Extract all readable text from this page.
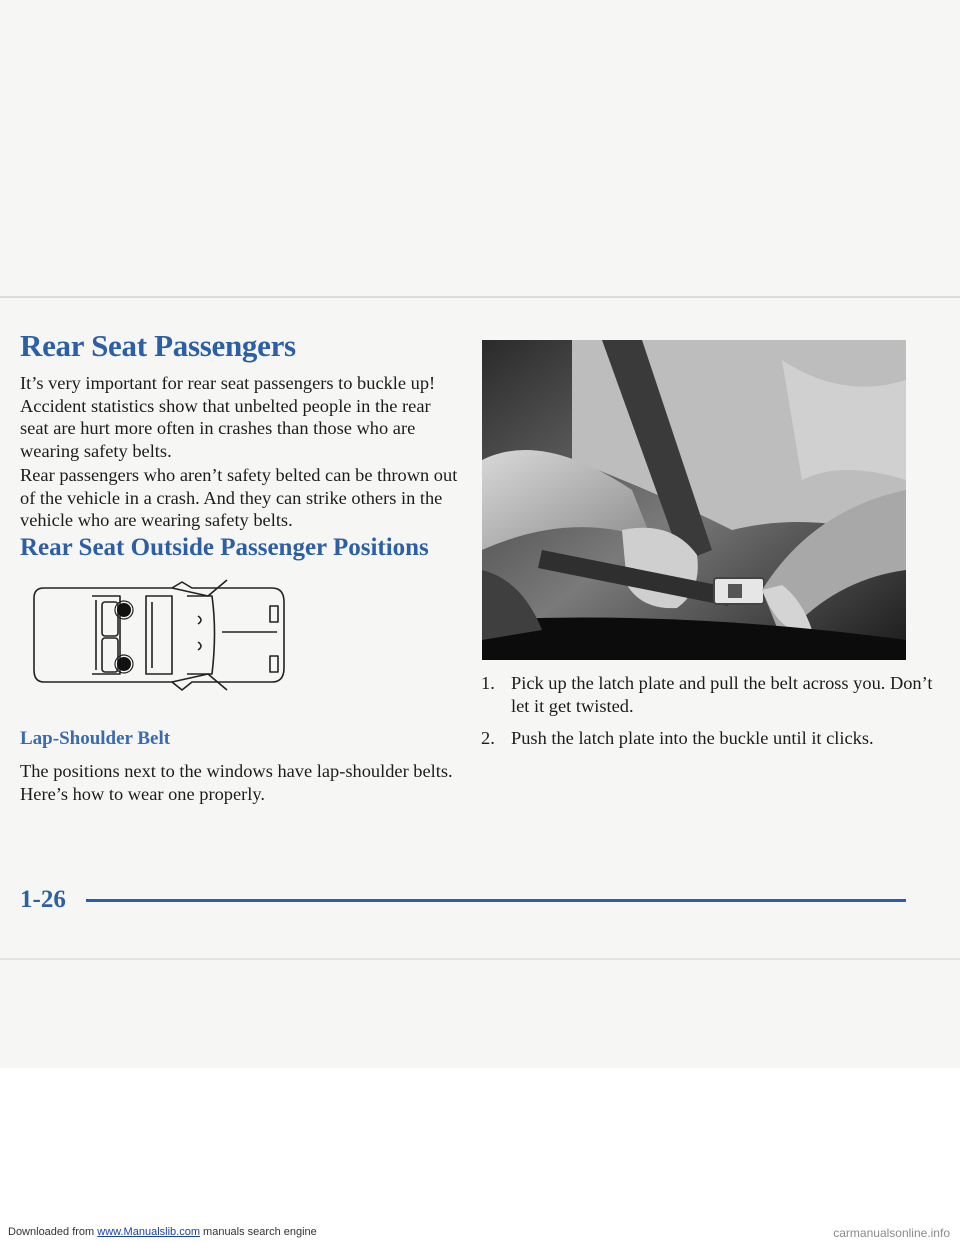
Rear Seat Passengers

It’s very important for rear seat passengers to buckle up! Accident statistics show that unbelted people in the rear seat are hurt more often in crashes than those who are wearing safety belts.

Rear passengers who aren’t safety belted can be thrown out of the vehicle in a crash. And they can strike others in the vehicle who are wearing safety belts.

Rear Seat Outside Passenger Positions
Lap-Shoulder Belt

The positions next to the windows have lap-shoulder belts. Here’s how to wear one properly.

1. Pick up the latch plate and pull the belt across you. Don’t let it get twisted.
2. Push the latch plate into the buckle until it clicks.
1-26
Downloaded from www.Manualslib.com manuals search engine	carmanualsonline.info
